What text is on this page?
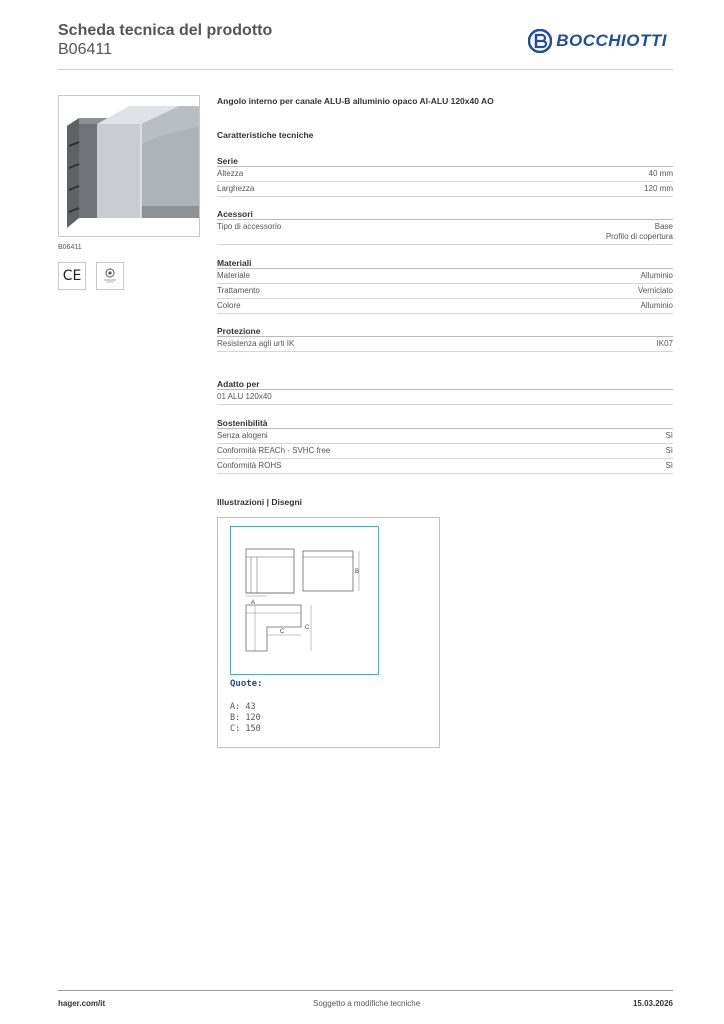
Scheda tecnica del prodotto
B06411	BOCCHIOTTI
B06411
CE
Angolo interno per canale ALU-B alluminio opaco Al-ALU 120x40 AO
Caratteristiche tecniche
Serie
Altezza	40 mm
Larghezza	120 mm
Acessori
Tipo di accessorio	Base
Profilo di copertura
Materiali
Materiale	Alluminio
Trattamento	Verniciato
Colore	Alluminio
Protezione
Resistenza agli urti IK	IK07
Adatto per
01 ALU 120x40
Sostenibilità
Senza alogeni	Sì
Conformità REACh - SVHC free	Sì
Conformità ROHS	Sì
Illustrazioni | Disegni
A
B
C
C
Quote:
A: 43
B: 120
C: 150
hager.com/it	Soggetto a modifiche tecniche	15.03.2026
